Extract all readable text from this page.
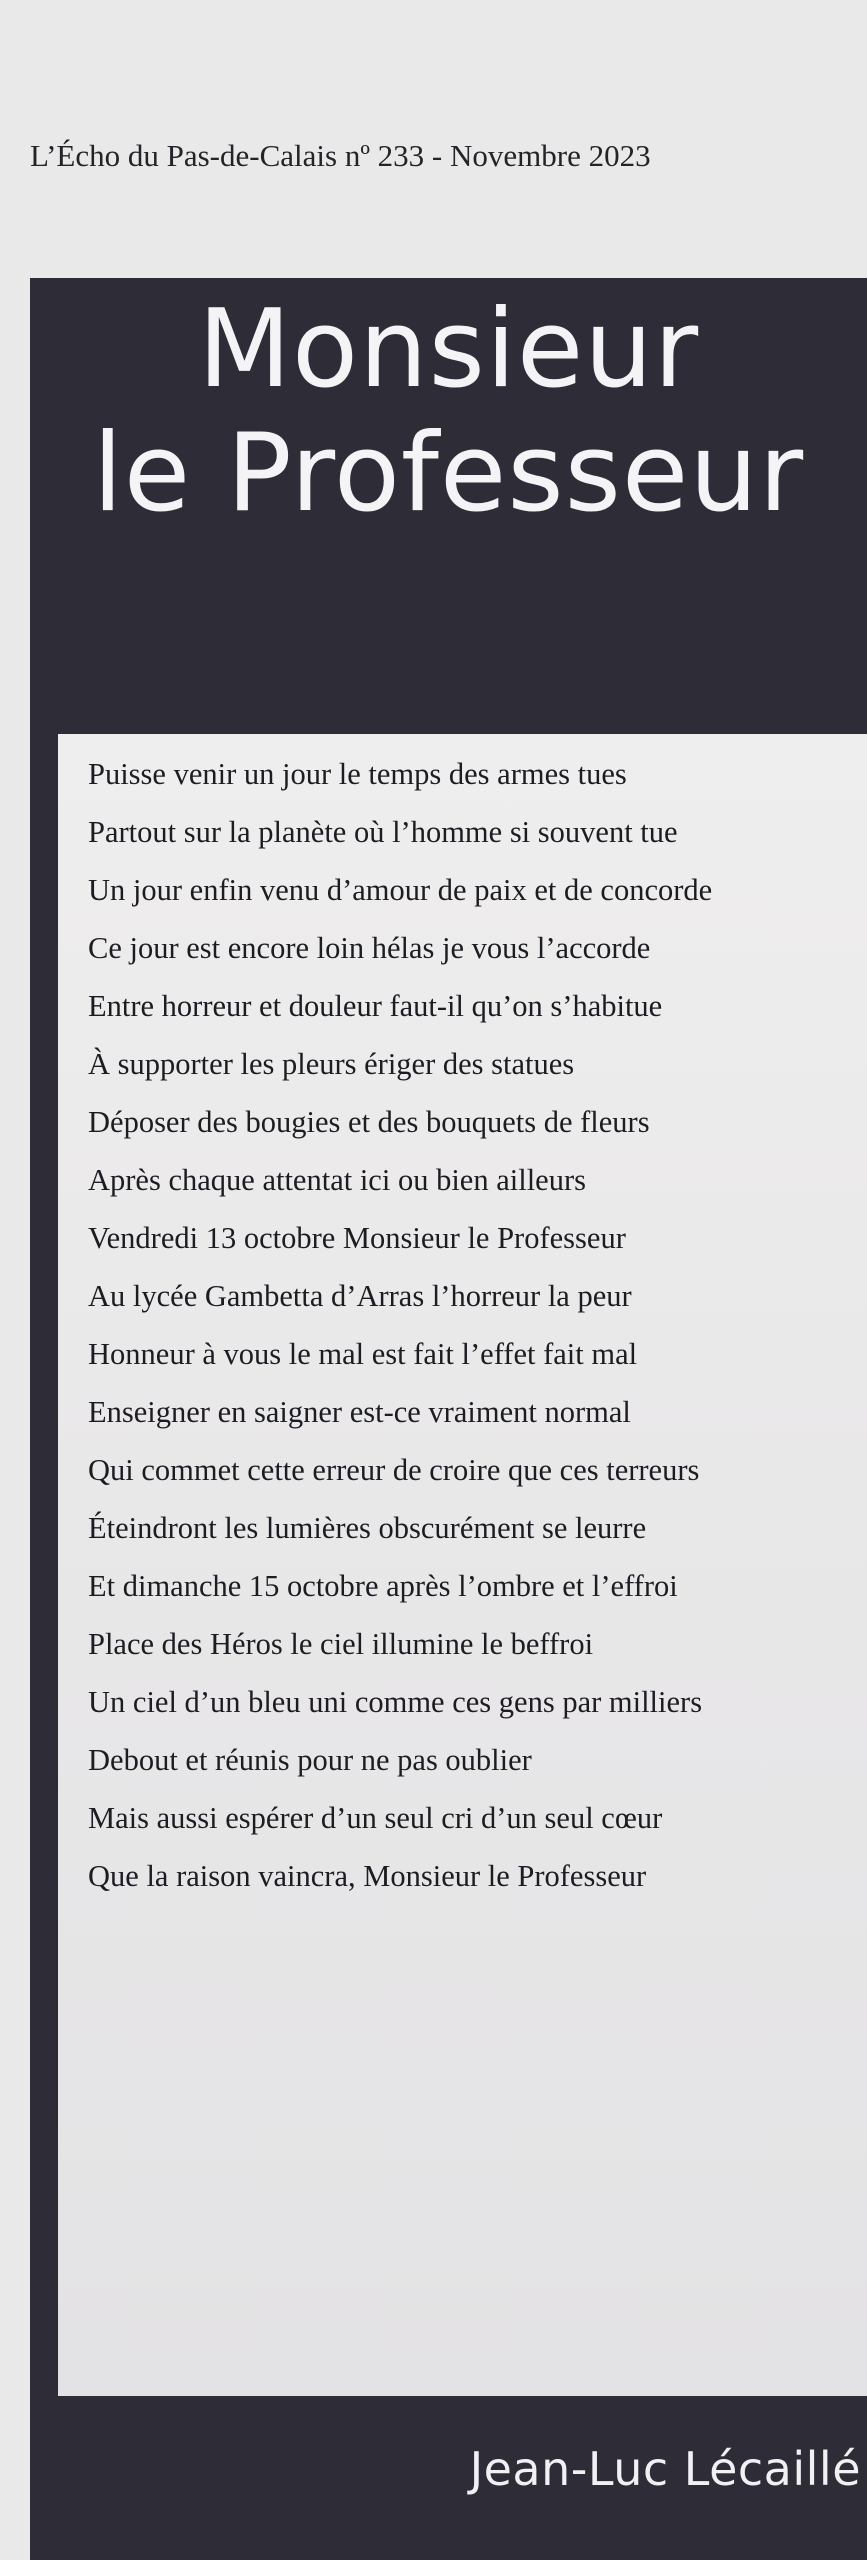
L’Écho du Pas-de-Calais nº 233 - Novembre 2023
Monsieur
le Professeur
Puisse venir un jour le temps des armes tues
Partout sur la planète où l’homme si souvent tue
Un jour enfin venu d’amour de paix et de concorde
Ce jour est encore loin hélas je vous l’accorde
Entre horreur et douleur faut-il qu’on s’habitue
À supporter les pleurs ériger des statues
Déposer des bougies et des bouquets de fleurs
Après chaque attentat ici ou bien ailleurs
Vendredi 13 octobre Monsieur le Professeur
Au lycée Gambetta d’Arras l’horreur la peur
Honneur à vous le mal est fait l’effet fait mal
Enseigner en saigner est-ce vraiment normal
Qui commet cette erreur de croire que ces terreurs
Éteindront les lumières obscurément se leurre
Et dimanche 15 octobre après l’ombre et l’effroi
Place des Héros le ciel illumine le beffroi
Un ciel d’un bleu uni comme ces gens par milliers
Debout et réunis pour ne pas oublier
Mais aussi espérer d’un seul cri d’un seul cœur
Que la raison vaincra, Monsieur le Professeur
Jean-Luc Lécaillé
